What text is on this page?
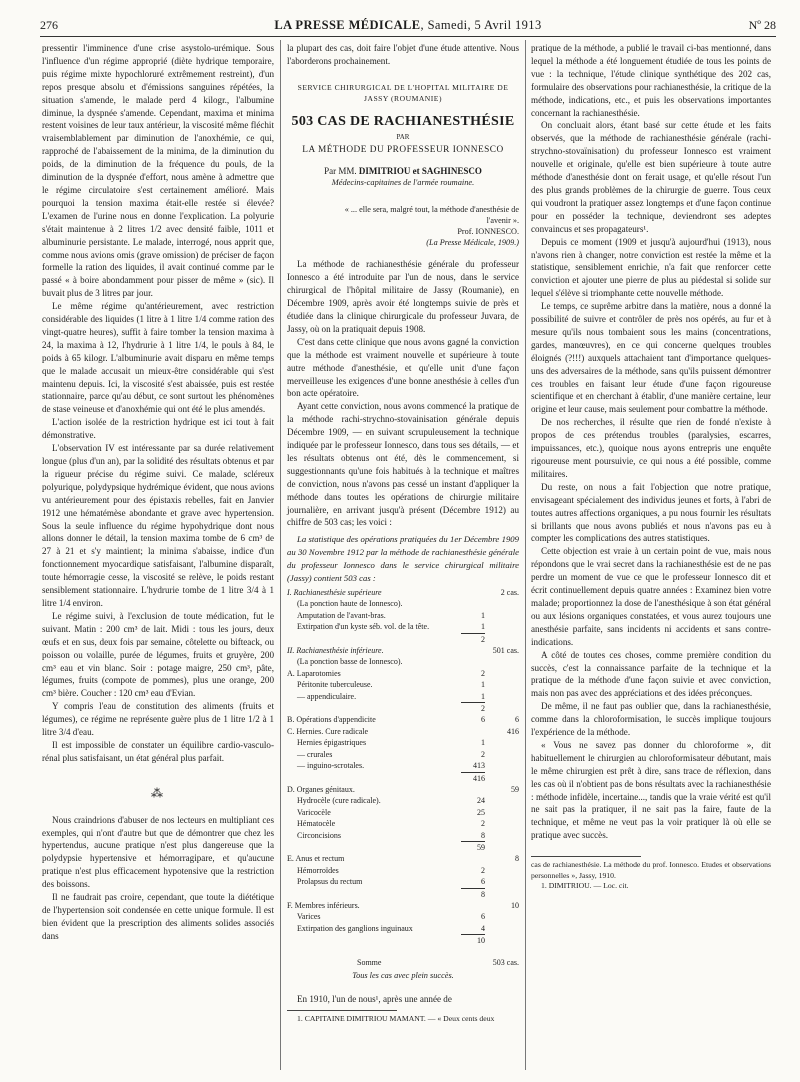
276	LA PRESSE MÉDICALE, Samedi, 5 Avril 1913	Nº 28

pressentir l'imminence d'une crise asystolo-urémique. Sous l'influence d'un régime approprié (diète hydrique temporaire, puis régime mixte hypochloruré extrêmement restreint), d'un repos presque absolu et d'émissions sanguines répétées, la situation s'amende, le malade perd 4 kilogr., l'albumine diminue, la dyspnée s'amende. Cependant, maxima et minima restent voisines de leur taux antérieur, la viscosité même fléchit vraisemblablement par diminution de l'anoxhémie, ce qui, rapproché de l'abaissement de la minima, de la diminution du poids, de la diminution de la fréquence du pouls, de la diminution de la dyspnée d'effort, nous amène à admettre que le régime circulatoire s'est certainement amélioré. Mais pourquoi la tension maxima était-elle restée si élevée? L'examen de l'urine nous en donne l'explication. La polyurie s'était maintenue à 2 litres 1/2 avec densité faible, 1011 et albuminurie persistante. Le malade, interrogé, nous apprit que, comme nous avions omis (grave omission) de préciser de façon formelle la ration des liquides, il avait continué comme par le passé « à boire abondamment pour pisser de même » (sic). Il buvait plus de 3 litres par jour.

Le même régime qu'antérieurement, avec restriction considérable des liquides (1 litre à 1 litre 1/4 comme ration des vingt-quatre heures), suffit à faire tomber la tension maxima à 24, la maxima à 12, l'hydrurie à 1 litre 1/4, le pouls à 84, le poids à 65 kilogr. L'albuminurie avait disparu en même temps que le malade accusait un mieux-être considérable qui s'est maintenu depuis. Ici, la viscosité s'est abaissée, puis est restée stationnaire, parce qu'au début, ce sont surtout les phénomènes de stase veineuse et d'anoxhémie qui ont été le plus amendés.

L'action isolée de la restriction hydrique est ici tout à fait démonstrative.

L'observation IV est intéressante par sa durée relativement longue (plus d'un an), par la solidité des résultats obtenus et par la rigueur précise du régime suivi. Ce malade, scléreux polyurique, polydypsique hydrémique évident, que nous avions vu antérieurement pour des épistaxis rebelles, fait en Janvier 1912 une hématémèse abondante et grave avec hypertension. Sous la seule influence du régime hypohydrique dont nous allons donner le détail, la tension maxima tombe de 6 cm³ de 27 à 21 et s'y maintient; la minima s'abaisse, indice d'un fonctionnement myocardique satisfaisant, l'albumine disparaît, toute hémorragie cesse, la viscosité se relève, le poids restant sensiblement stationnaire. L'hydrurie tombe de 1 litre 3/4 à 1 litre 1/4 environ.

Le régime suivi, à l'exclusion de toute médication, fut le suivant. Matin : 200 cm³ de lait. Midi : tous les jours, deux œufs et en sus, deux fois par semaine, côtelette ou bifteack, ou poisson ou volaille, purée de légumes, fruits et gruyère, 200 cm³ eau et vin blanc. Soir : potage maigre, 250 cm³, pâte, légumes, fruits (compote de pommes), plus une orange, 200 cm³ bière. Coucher : 120 cm³ eau d'Evian.

Y compris l'eau de constitution des aliments (fruits et légumes), ce régime ne représente guère plus de 1 litre 1/2 à 1 litre 3/4 d'eau.

Il est impossible de constater un équilibre cardio-vasculo-rénal plus satisfaisant, un état général plus parfait.

⁂

Nous craindrions d'abuser de nos lecteurs en multipliant ces exemples, qui n'ont d'autre but que de démontrer que chez les hypertendus, aucune pratique n'est plus dangereuse que la polydypsie hypertensive et hémorragipare, et qu'aucune pratique n'est plus efficacement hypotensive que la restriction des boissons.

Il ne faudrait pas croire, cependant, que toute la diététique de l'hypertension soit condensée en cette unique formule. Il est bien évident que la prescription des aliments solides associés dans

la plupart des cas, doit faire l'objet d'une étude attentive. Nous l'aborderons prochainement.

SERVICE CHIRURGICAL DE L'HOPITAL MILITAIRE DE JASSY (ROUMANIE)
503 CAS DE RACHIANESTHÉSIE
PAR
LA MÉTHODE DU PROFESSEUR IONNESCO
Par MM. DIMITRIOU et SAGHINESCO
Médecins-capitaines de l'armée roumaine.
« ... elle sera, malgré tout, la méthode d'anesthésie de l'avenir ».
Prof. IONNESCO.
(La Presse Médicale, 1909.)

La méthode de rachianesthésie générale du professeur Ionnesco a été introduite par l'un de nous, dans le service chirurgical de l'hôpital militaire de Jassy (Roumanie), en Décembre 1909, après avoir été longtemps suivie de près et étudiée dans la clinique chirurgicale du professeur Juvara, de Jassy, où on la pratiquait depuis 1908.

C'est dans cette clinique que nous avons gagné la conviction que la méthode est vraiment nouvelle et supérieure à toute autre méthode d'anesthésie, et qu'elle unit d'une façon merveilleuse les exigences d'une bonne anesthésie à celles d'un bon acte opératoire.

Ayant cette conviction, nous avons commencé la pratique de la méthode rachi-strychno-stovainisation générale depuis Décembre 1909, — en suivant scrupuleusement la technique indiquée par le professeur Ionnesco, dans tous ses détails, — et les résultats obtenus ont été, dès le commencement, si suggestionnants qu'une fois habitués à la technique et maîtres de conviction, nous n'avons pas cessé un instant d'appliquer la méthode dans toutes les opérations de chirurgie militaire journalière, en arrivant jusqu'à présent (Décembre 1912) au chiffre de 503 cas; les voici :

La statistique des opérations pratiquées du 1er Décembre 1909 au 30 Novembre 1912 par la méthode de rachianesthésie générale du professeur Ionnesco dans le service chirurgical militaire (Jassy) contient 503 cas :
I. Rachianesthésie supérieure		2 cas.
(La ponction haute de Ionnesco).		
Amputation de l'avant-bras.	1	
Extirpation d'un kyste séb. vol. de la tête.	1	
	2	
II. Rachianesthésie inférieure.		501 cas.
(La ponction basse de Ionnesco).		
A. Laparotomies	2	
Péritonite tuberculeuse.	1	
— appendiculaire.	1	
	2	
B. Opérations d'appendicite	6	6
C. Hernies. Cure radicale		416
Hernies épigastriques	1	
— crurales	2	
— inguino-scrotales.	413	
	416	
D. Organes génitaux.		59
Hydrocèle (cure radicale).	24	
Varicocèle	25	
Hématocèle	2	
Circoncisions	8	
	59	
E. Anus et rectum		8
Hémorroïdes	2	
Prolapsus du rectum	6	
	8	
F. Membres inférieurs.		10
Varices	6	
Extirpation des ganglions inguinaux	4	
	10	
Somme	503 cas.
Tous les cas avec plein succès.

En 1910, l'un de nous¹, après une année de

1. CAPITAINE DIMITRIOU MAMANT. — « Deux cents deux

pratique de la méthode, a publié le travail ci-bas mentionné, dans lequel la méthode a été longuement étudiée de tous les points de vue : la technique, l'étude clinique synthétique des 202 cas, formulaire des observations pour rachianesthésie, la critique de la méthode, indications, etc., et puis les observations importantes concernant la rachianesthésie.

On concluait alors, étant basé sur cette étude et les faits observés, que la méthode de rachianesthésie générale (rachi-strychno-stovaïnisation) du professeur Ionnesco est vraiment nouvelle et originale, qu'elle est bien supérieure à toute autre méthode d'anesthésie dont on ferait usage, et qu'elle résout l'un des plus grands problèmes de la chirurgie de guerre. Tous ceux qui voudront la pratiquer assez longtemps et d'une façon continue pour en posséder la technique, deviendront ses adeptes convaincus et ses propagateurs¹.

Depuis ce moment (1909 et jusqu'à aujourd'hui (1913), nous n'avons rien à changer, notre conviction est restée la même et la statistique, sensiblement enrichie, n'a fait que renforcer cette conviction et ajouter une pierre de plus au piédestal si solide sur lequel s'élève si triomphante cette nouvelle méthode.

Le temps, ce suprême arbitre dans la matière, nous a donné la possibilité de suivre et contrôler de près nos opérés, au fur et à mesure qu'ils nous tombaient sous les mains (concentrations, gardes, manœuvres), en ce qui concerne quelques troubles éloignés (?!!!) auxquels attachaient tant d'importance quelques-uns des adversaires de la méthode, sans qu'ils puissent démontrer ces troubles en faisant leur étude d'une façon rigoureuse scientifique et en cherchant à établir, d'une manière certaine, leur origine et leur cause, mais seulement pour combattre la méthode.

De nos recherches, il résulte que rien de fondé n'existe à propos de ces prétendus troubles (paralysies, escarres, impuissances, etc.), quoique nous ayons entrepris une enquête rigoureuse ment poursuivie, ce qui nous a été possible, comme militaires.

Du reste, on nous a fait l'objection que notre pratique, envisageant spécialement des individus jeunes et forts, à l'abri de toutes autres affections organiques, a pu nous fournir les résultats si brillants que nous avons publiés et nous n'avons pas eu à compter les complications des autres statistiques.

Cette objection est vraie à un certain point de vue, mais nous répondons que le vrai secret dans la rachianesthésie est de ne pas perdre un moment de vue ce que le professeur Ionnesco dit et écrit continuellement depuis quatre années : Examinez bien votre malade; proportionnez la dose de l'anesthésique à son état général ou aux lésions organiques constatées, et vous aurez toujours une anesthésie parfaite, sans incidents ni accidents et sans contre-indications.

A côté de toutes ces choses, comme première condition du succès, c'est la connaissance parfaite de la technique et la pratique de la méthode d'une façon suivie et avec conviction, mais non pas avec des appréciations et des idées préconçues.

De même, il ne faut pas oublier que, dans la rachianesthésie, comme dans la chloroformisation, le succès implique toujours l'expérience de la méthode.

« Vous ne savez pas donner du chloroforme », dit habituellement le chirurgien au chloroformisateur débutant, mais le même chirurgien est prêt à dire, sans trace de réflexion, dans les cas où il n'obtient pas de bons résultats avec la rachianesthésie : méthode infidèle, incertaine..., tandis que la vraie vérité est qu'il ne sait pas la pratiquer, il ne sait pas la faire, faute de la technique, et même ne veut pas la voir pratiquer là où elle se pratique avec succès.

cas de rachianesthésie. La méthode du prof. Ionnesco. Etudes et observations personnelles », Jassy, 1910.
1. DIMITRIOU. — Loc. cit.
